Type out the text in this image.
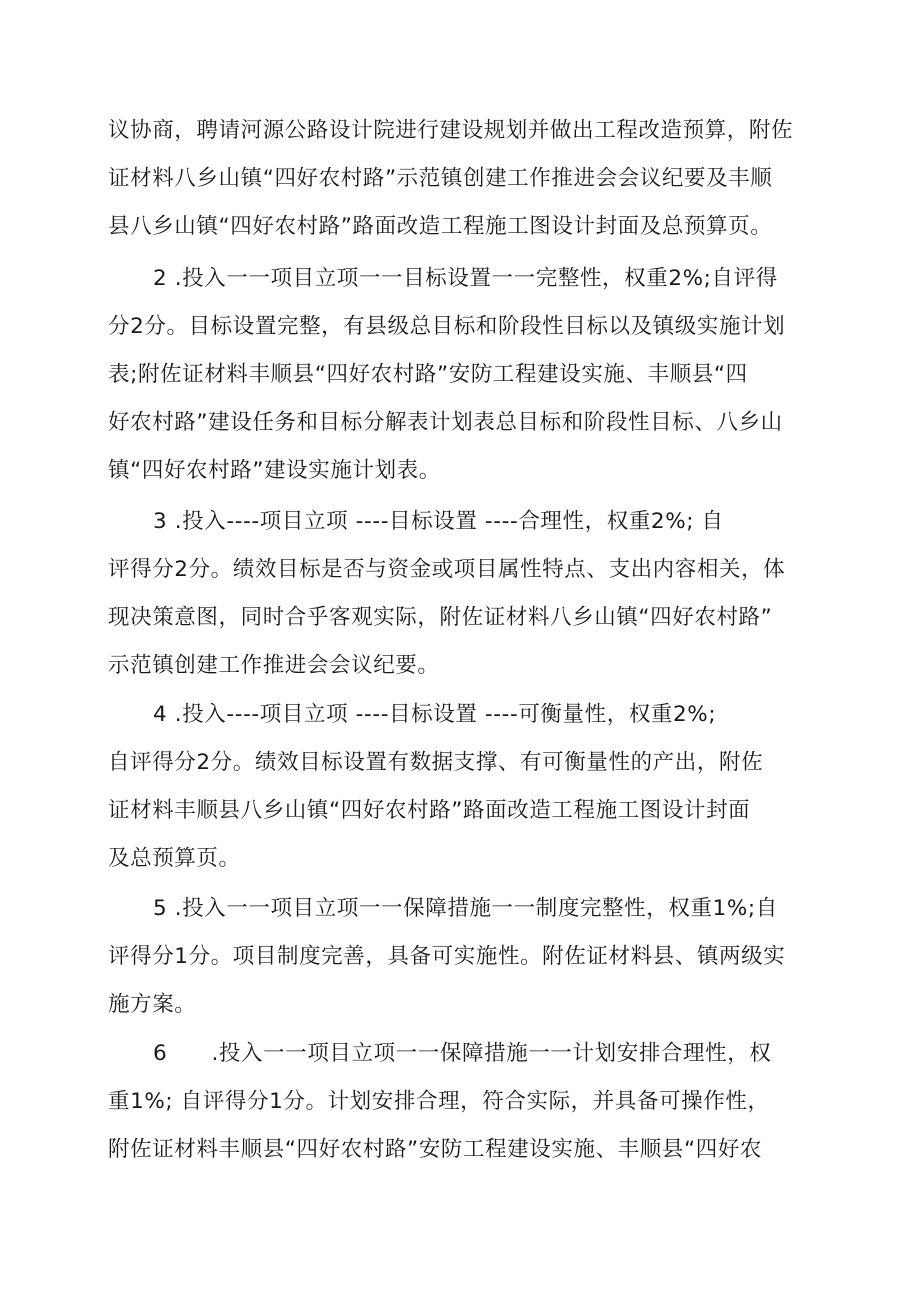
议协商，聘请河源公路设计院进行建设规划并做出工程改造预算，附佐
证材料八乡山镇“四好农村路”示范镇创建工作推进会会议纪要及丰顺
县八乡山镇“四好农村路”路面改造工程施工图设计封面及总预算页。
2 .投入一一项目立项一一目标设置一一完整性，权重2%;自评得
分2分。目标设置完整，有县级总目标和阶段性目标以及镇级实施计划
表;附佐证材料丰顺县“四好农村路”安防工程建设实施、丰顺县“四
好农村路”建设任务和目标分解表计划表总目标和阶段性目标、八乡山
镇“四好农村路”建设实施计划表。
3 .投入----项目立项 ----目标设置 ----合理性，权重2%; 自
评得分2分。绩效目标是否与资金或项目属性特点、支出内容相关，体
现决策意图，同时合乎客观实际，附佐证材料八乡山镇“四好农村路”
示范镇创建工作推进会会议纪要。
4 .投入----项目立项 ----目标设置 ----可衡量性，权重2%;
自评得分2分。绩效目标设置有数据支撑、有可衡量性的产出，附佐
证材料丰顺县八乡山镇“四好农村路”路面改造工程施工图设计封面
及总预算页。
5 .投入一一项目立项一一保障措施一一制度完整性，权重1%;自
评得分1分。项目制度完善，具备可实施性。附佐证材料县、镇两级实
施方案。
6  .投入一一项目立项一一保障措施一一计划安排合理性，权
重1%; 自评得分1分。计划安排合理，符合实际，并具备可操作性，
附佐证材料丰顺县“四好农村路”安防工程建设实施、丰顺县“四好农
